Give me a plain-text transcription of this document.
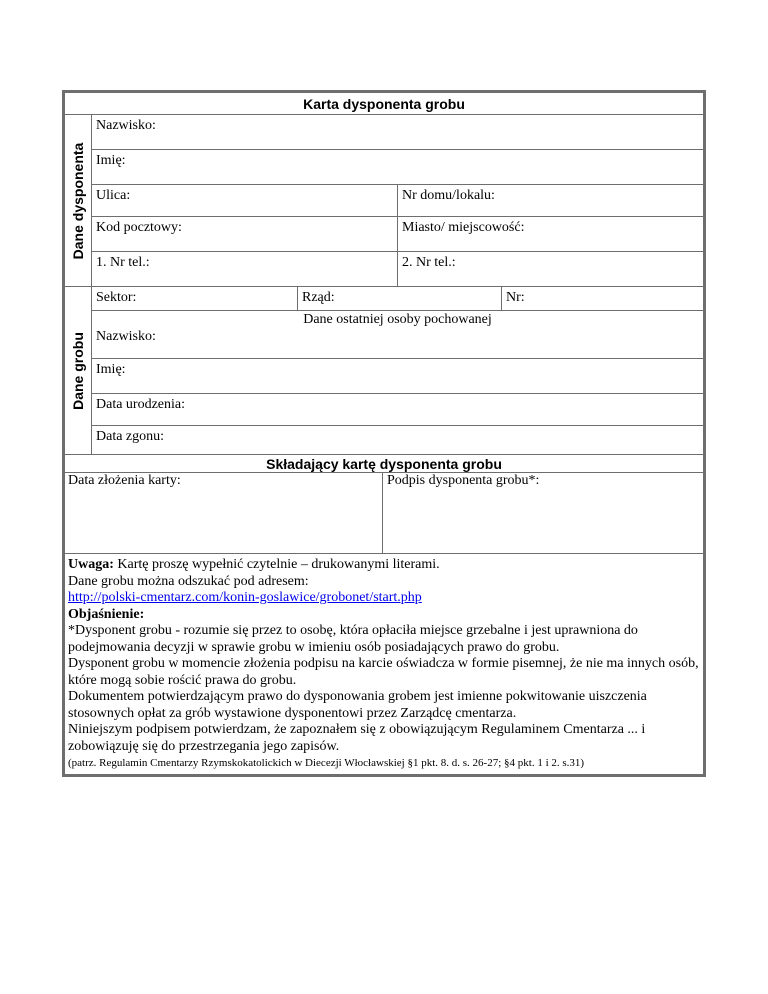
Karta dysponenta grobu
Dane dysponenta
Nazwisko:
Imię:
Ulica:	Nr domu/lokalu:
Kod pocztowy:	Miasto/ miejscowość:
1. Nr tel.:	2. Nr tel.:
Dane grobu
Sektor:	Rząd:	Nr:
Dane ostatniej osoby pochowanej
Nazwisko:
Imię:
Data urodzenia:
Data zgonu:
Składający kartę dysponenta grobu
Data złożenia karty:	Podpis dysponenta grobu*:

Uwaga: Kartę proszę wypełnić czytelnie – drukowanymi literami.

Dane grobu można odszukać pod adresem:

http://polski-cmentarz.com/konin-goslawice/grobonet/start.php

Objaśnienie:

*Dysponent grobu - rozumie się przez to osobę, która opłaciła miejsce grzebalne i jest uprawniona do podejmowania decyzji w sprawie grobu w imieniu osób posiadających prawo do grobu.

Dysponent grobu w momencie złożenia podpisu na karcie oświadcza w formie pisemnej, że nie ma innych osób, które mogą sobie rościć prawa do grobu.

Dokumentem potwierdzającym prawo do dysponowania grobem jest imienne pokwitowanie uiszczenia stosownych opłat za grób wystawione dysponentowi przez Zarządcę cmentarza.

Niniejszym podpisem potwierdzam, że zapoznałem się z obowiązującym Regulaminem Cmentarza ... i zobowiązuję się do przestrzegania jego zapisów.

(patrz. Regulamin Cmentarzy Rzymskokatolickich w Diecezji Włocławskiej §1 pkt. 8. d. s. 26-27; §4 pkt. 1 i 2. s.31)
